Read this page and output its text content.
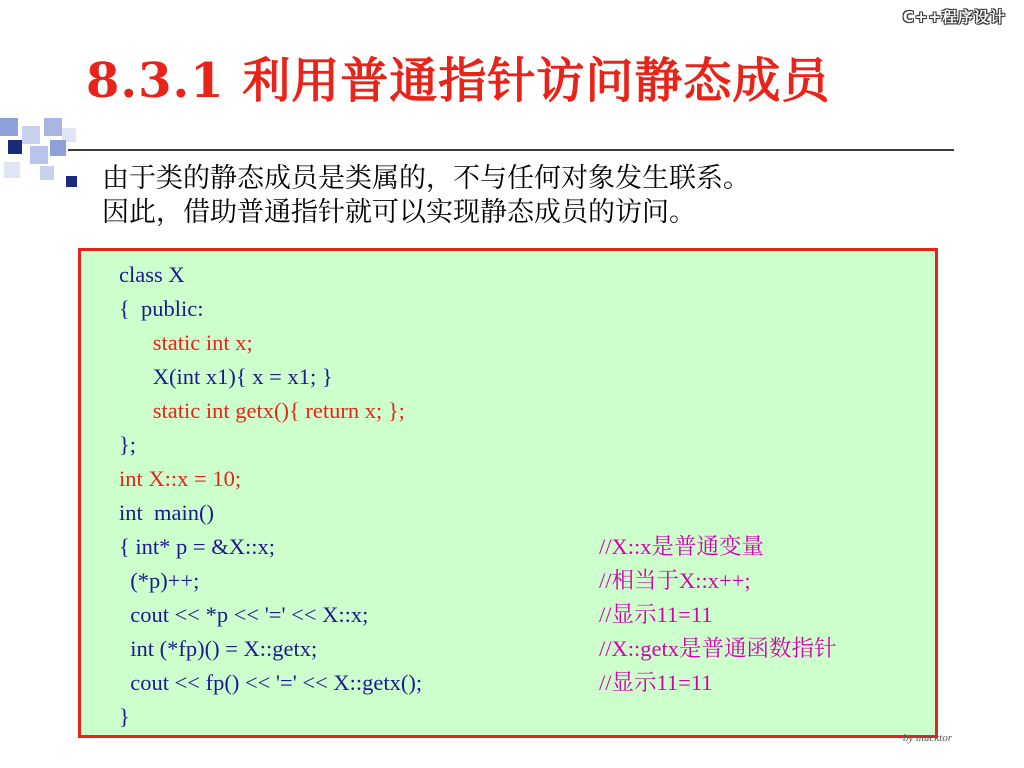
C++程序设计
8.3.1 利用普通指针访问静态成员
由于类的静态成员是类属的，不与任何对象发生联系。
因此，借助普通指针就可以实现静态成员的访问。
class X
{  public:
static int x;
X(int x1){ x = x1; }
static int getx(){ return x; };
};
int X::x = 10;
int  main()
{ int* p = &X::x;	//X::x是普通变量
(*p)++;	//相当于X::x++;
cout << *p << '=' << X::x;	//显示11=11
int (*fp)() = X::getx;	//X::getx是普通函数指针
cout << fp() << '=' << X::getx();	//显示11=11
}
by mucktor
